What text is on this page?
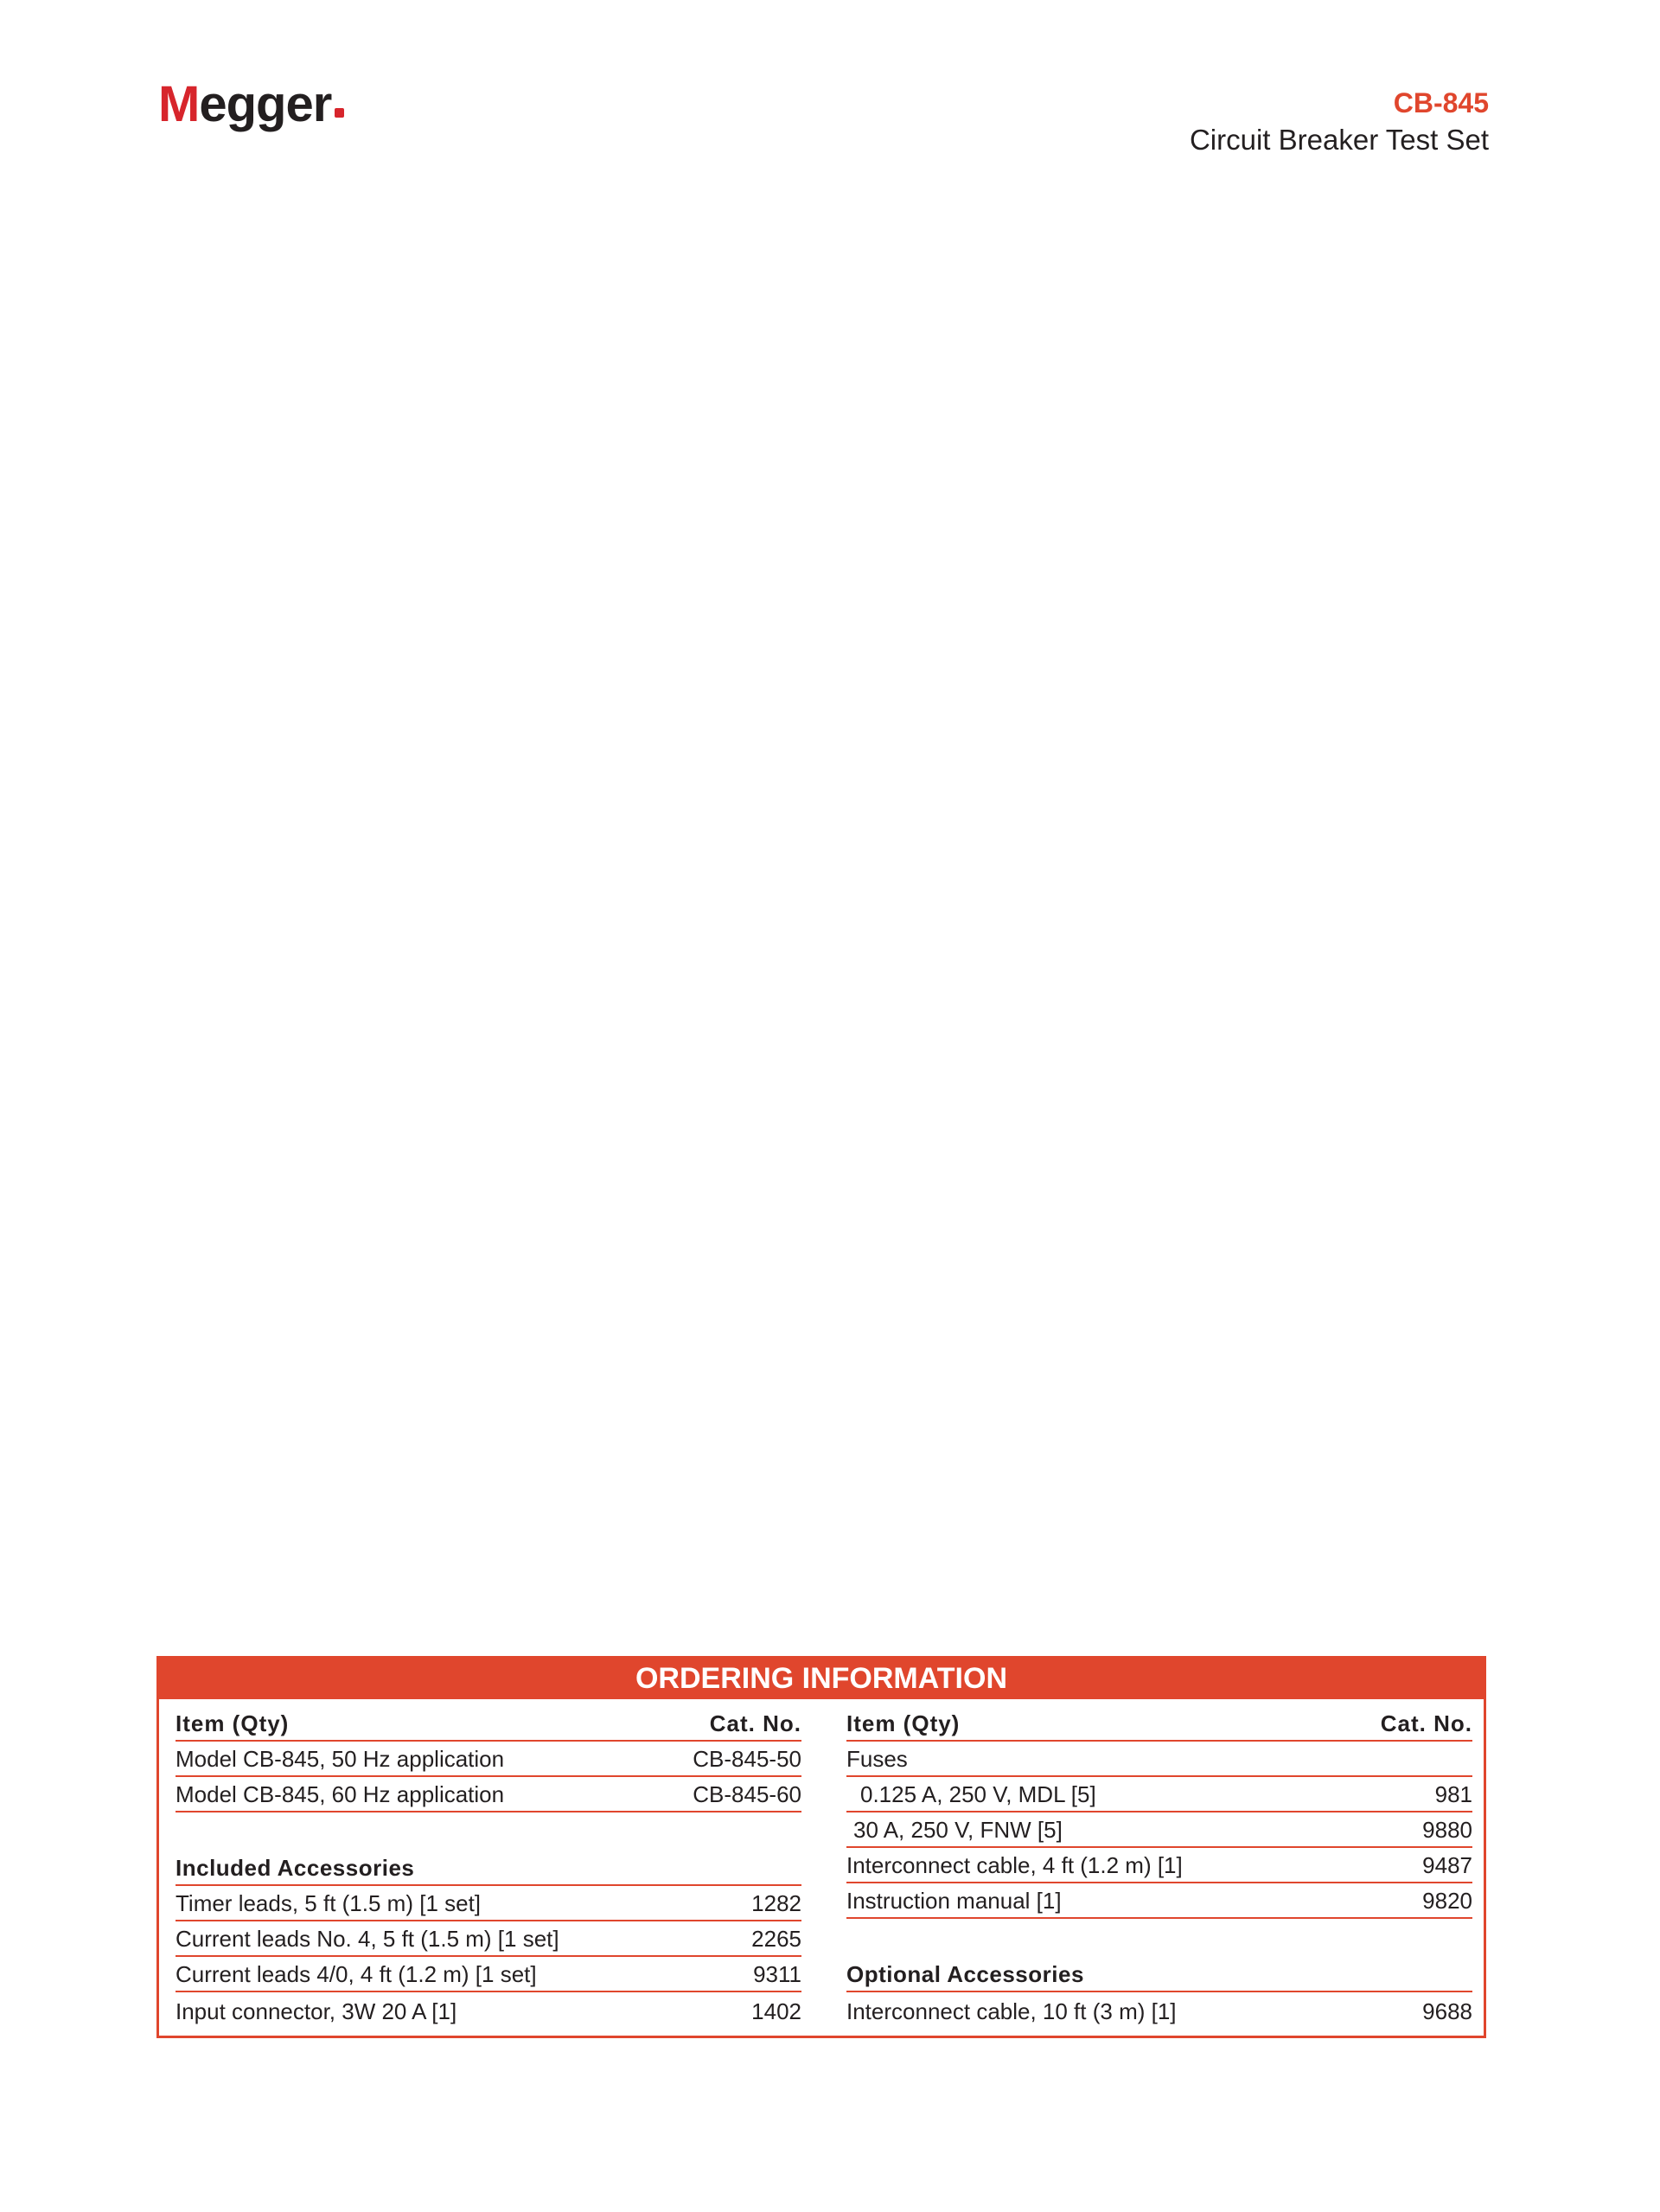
Megger	CB-845
Circuit Breaker Test Set
ORDERING INFORMATION
Item (Qty)	Cat. No.
Model CB-845, 50 Hz application	CB-845-50
Model CB-845, 60 Hz application	CB-845-60
Included Accessories
Timer leads, 5 ft (1.5 m) [1 set]	1282
Current leads No. 4, 5 ft (1.5 m) [1 set]	2265
Current leads 4/0, 4 ft (1.2 m) [1 set]	9311
Input connector, 3W 20 A [1]	1402
Item (Qty)	Cat. No.
Fuses
0.125 A, 250 V, MDL [5]	981
30 A, 250 V, FNW [5]	9880
Interconnect cable, 4 ft (1.2 m) [1]	9487
Instruction manual [1]	9820
Optional Accessories
Interconnect cable, 10 ft (3 m) [1]	9688
